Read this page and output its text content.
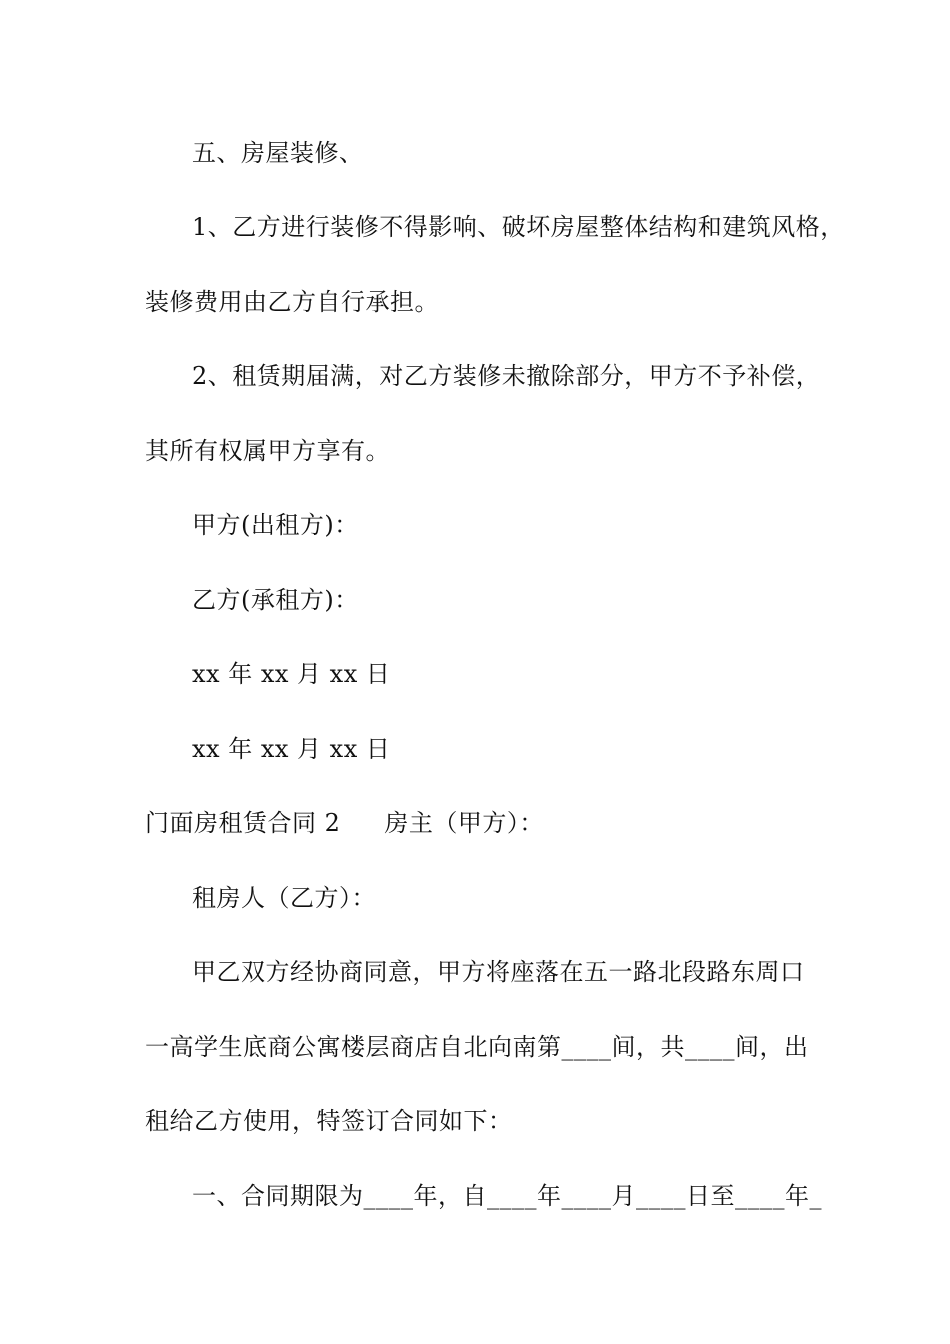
五、房屋装修、
1、乙方进行装修不得影响、破坏房屋整体结构和建筑风格，
装修费用由乙方自行承担。
2、租赁期届满，对乙方装修未撤除部分，甲方不予补偿，
其所有权属甲方享有。
甲方(出租方)：
乙方(承租方)：
xx 年 xx 月 xx 日
xx 年 xx 月 xx 日
门面房租赁合同 2 房主（甲方）：
租房人（乙方）：
甲乙双方经协商同意，甲方将座落在五一路北段路东周口
一高学生底商公寓楼层商店自北向南第____间，共____间，出
租给乙方使用，特签订合同如下：
一、合同期限为____年，自____年____月____日至____年_
